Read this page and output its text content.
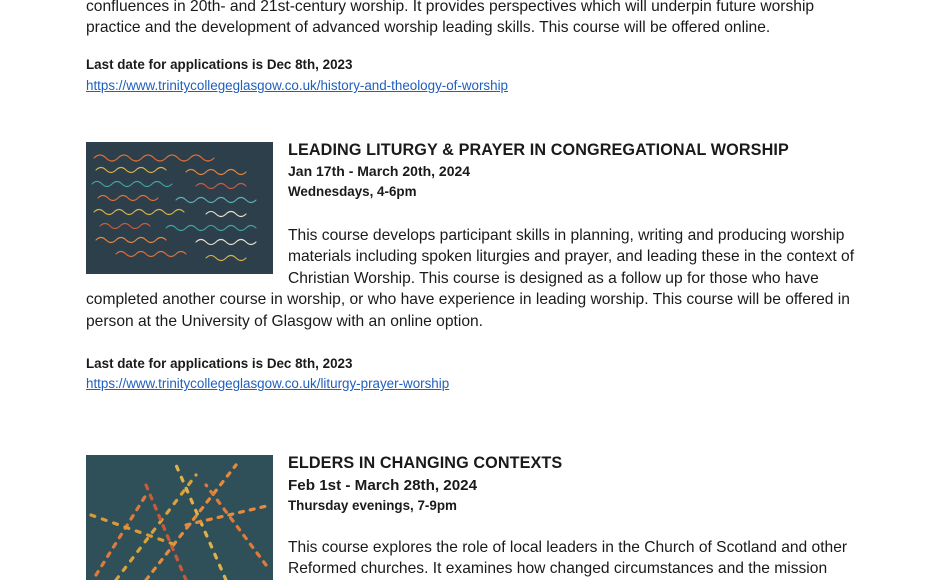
confluences in 20th- and 21st-century worship. It provides perspectives which will underpin future worship
practice and the development of advanced worship leading skills. This course will be offered online.
Last date for applications is Dec 8th, 2023
https://www.trinitycollegeglasgow.co.uk/history-and-theology-of-worship
LEADING LITURGY & PRAYER IN CONGREGATIONAL WORSHIP
Jan 17th - March 20th, 2024
Wednesdays, 4-6pm
This course develops participant skills in planning, writing and producing worship materials including spoken liturgies and prayer, and leading these in the context of Christian Worship. This course is designed as a follow up for those who have completed another course in worship, or who have experience in leading worship. This course will be offered in person at the University of Glasgow with an online option.
Last date for applications is Dec 8th, 2023
https://www.trinitycollegeglasgow.co.uk/liturgy-prayer-worship
ELDERS IN CHANGING CONTEXTS
Feb 1st - March 28th, 2024
Thursday evenings, 7-9pm
This course explores the role of local leaders in the Church of Scotland and other
Reformed churches. It examines how changed circumstances and the mission
